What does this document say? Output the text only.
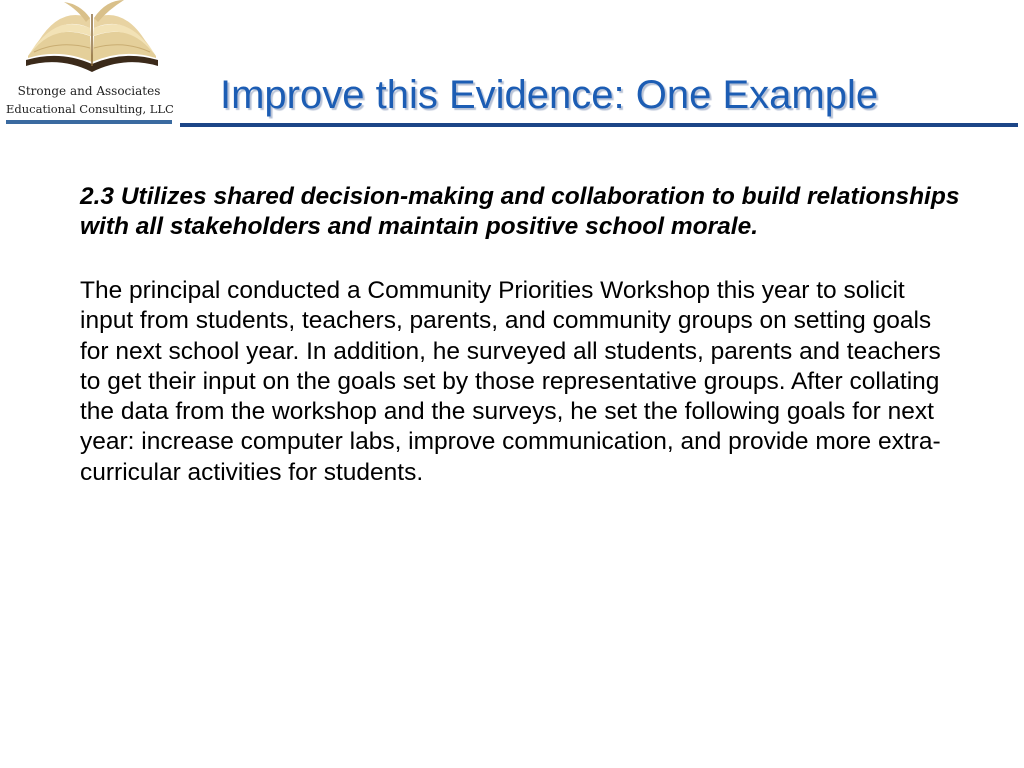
Stronge and Associates
Educational Consulting, LLC Improve this Evidence: One Example

2.3 Utilizes shared decision-making and collaboration to build relationships with all stakeholders and maintain positive school morale.

The principal conducted a Community Priorities Workshop this year to solicit input from students, teachers, parents, and community groups on setting goals for next school year. In addition, he surveyed all students, parents and teachers to get their input on the goals set by those representative groups. After collating the data from the workshop and the surveys, he set the following goals for next year: increase computer labs, improve communication, and provide more extra-curricular activities for students.
